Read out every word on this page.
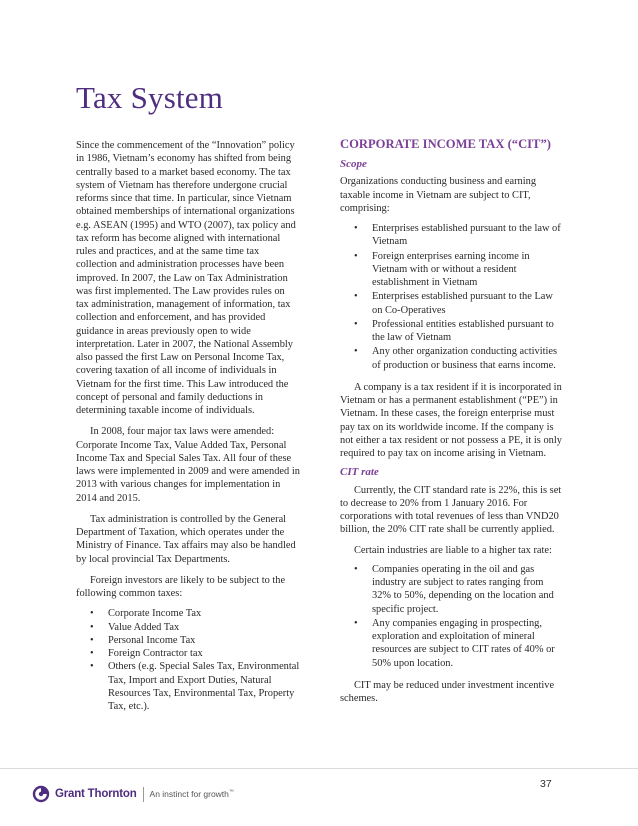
Tax System

Since the commencement of the “Innovation” policy in 1986, Vietnam’s economy has shifted from being centrally based to a market based economy. The tax system of Vietnam has therefore undergone crucial reforms since that time. In particular, since Vietnam obtained memberships of international organizations e.g. ASEAN (1995) and WTO (2007), tax policy and tax reform has become aligned with international rules and practices, and at the same time tax collection and administration processes have been improved. In 2007, the Law on Tax Administration was first implemented. The Law provides rules on tax administration, management of information, tax collection and enforcement, and has provided guidance in areas previously open to wide interpretation. Later in 2007, the National Assembly also passed the first Law on Personal Income Tax, covering taxation of all income of individuals in Vietnam for the first time. This Law introduced the concept of personal and family deductions in determining taxable income of individuals.

In 2008, four major tax laws were amended: Corporate Income Tax, Value Added Tax, Personal Income Tax and Special Sales Tax. All four of these laws were implemented in 2009 and were amended in 2013 with various changes for implementation in 2014 and 2015.

Tax administration is controlled by the General Department of Taxation, which operates under the Ministry of Finance. Tax affairs may also be handled by local provincial Tax Departments.

Foreign investors are likely to be subject to the following common taxes:

• Corporate Income Tax
• Value Added Tax
• Personal Income Tax
• Foreign Contractor tax
• Others (e.g. Special Sales Tax, Environmental Tax, Import and Export Duties, Natural Resources Tax, Environmental Tax, Property Tax, etc.).
CORPORATE INCOME TAX (“CIT”)
Scope

Organizations conducting business and earning taxable income in Vietnam are subject to CIT, comprising:

• Enterprises established pursuant to the law of Vietnam
• Foreign enterprises earning income in Vietnam with or without a resident establishment in Vietnam
• Enterprises established pursuant to the Law on Co-Operatives
• Professional entities established pursuant to the law of Vietnam
• Any other organization conducting activities of production or business that earns income.

A company is a tax resident if it is incorporated in Vietnam or has a permanent establishment (“PE”) in Vietnam. In these cases, the foreign enterprise must pay tax on its worldwide income. If the company is not either a tax resident or not possess a PE, it is only required to pay tax on income arising in Vietnam.

CIT rate

Currently, the CIT standard rate is 22%, this is set to decrease to 20% from 1 January 2016. For corporations with total revenues of less than VND20 billion, the 20% CIT rate shall be currently applied.

Certain industries are liable to a higher tax rate:

• Companies operating in the oil and gas industry are subject to rates ranging from 32% to 50%, depending on the location and specific project.
• Any companies engaging in prospecting, exploration and exploitation of mineral resources are subject to CIT rates of 40% or 50% upon location.

CIT may be reduced under investment incentive schemes.

Grant Thornton An instinct for growth™
37
